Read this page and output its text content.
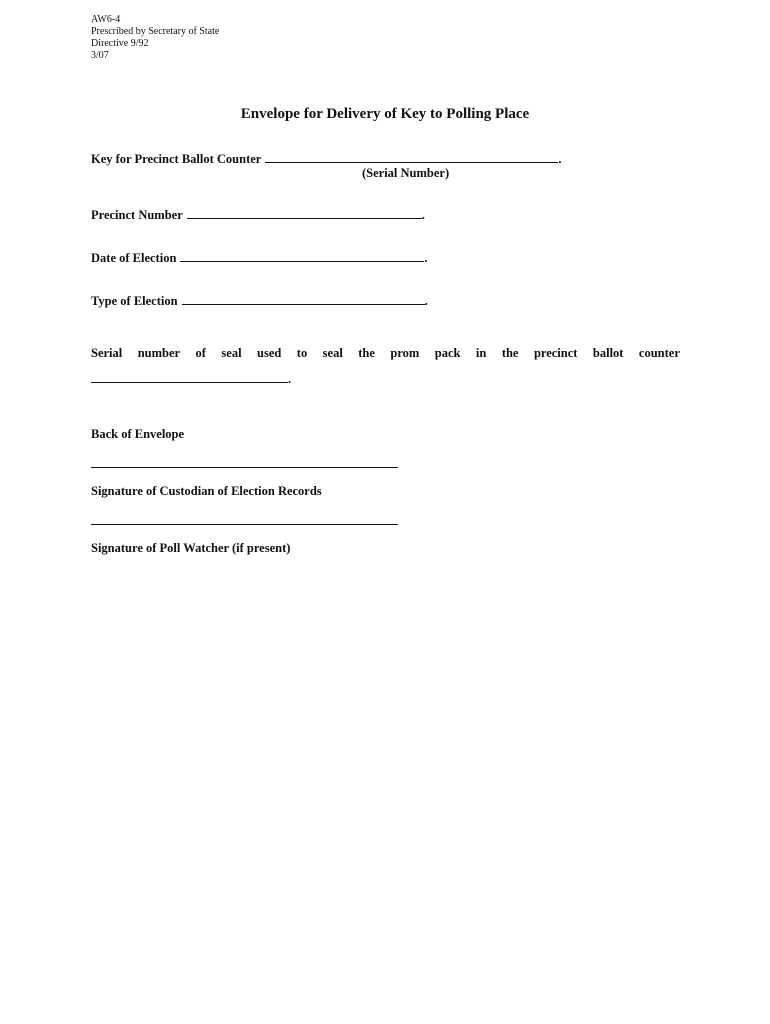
AW6-4
Prescribed by Secretary of State
Directive 9/92
3/07
Envelope for Delivery of Key to Polling Place
Key for Precinct Ballot Counter	.
(Serial Number)
Precinct Number	.
Date of Election	.
Type of Election	.
Serial number of seal used to seal the prom pack in the precinct ballot counter
.
Back of Envelope
Signature of Custodian of Election Records
Signature of Poll Watcher (if present)
